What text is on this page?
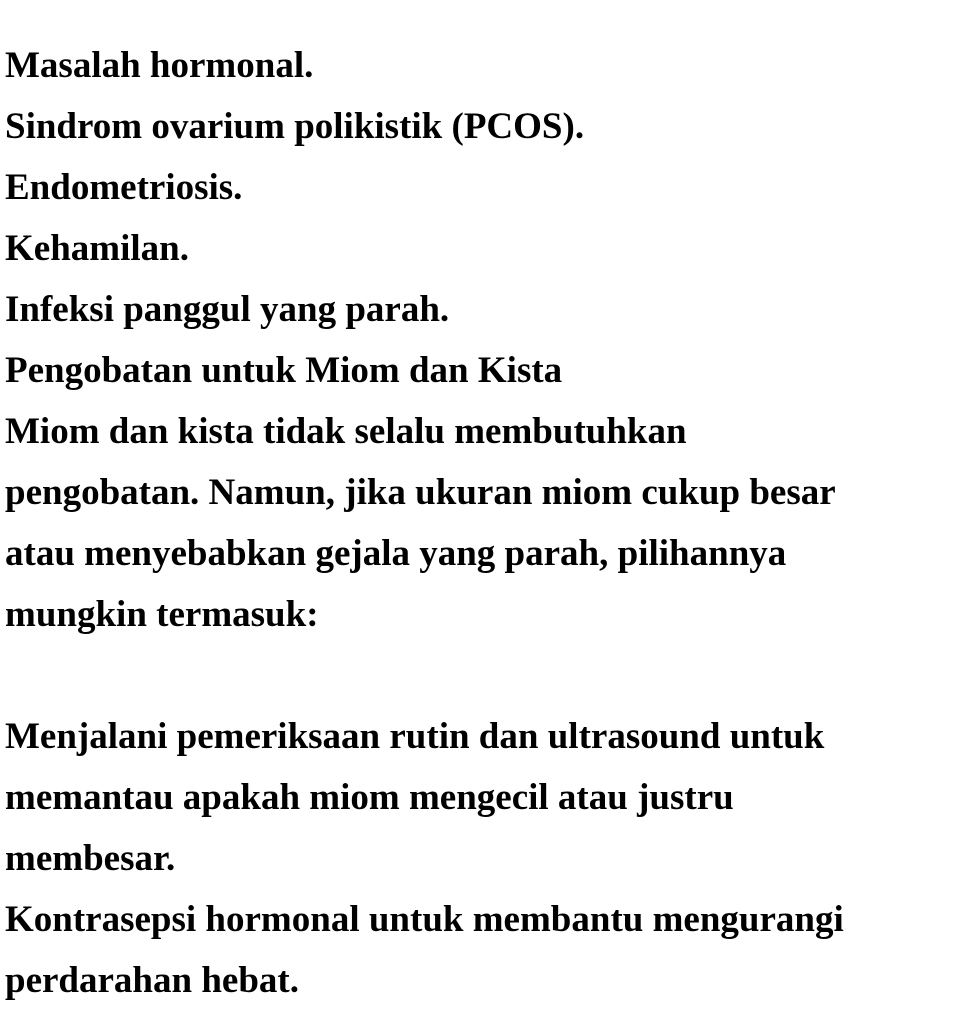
Masalah hormonal.

Sindrom ovarium polikistik (PCOS).

Endometriosis.

Kehamilan.

Infeksi panggul yang parah.

Pengobatan untuk Miom dan Kista
Miom dan kista tidak selalu membutuhkan
pengobatan. Namun, jika ukuran miom cukup besar
atau menyebabkan gejala yang parah, pilihannya
mungkin termasuk:
Menjalani pemeriksaan rutin dan ultrasound untuk
memantau apakah miom mengecil atau justru
membesar.
Kontrasepsi hormonal untuk membantu mengurangi
perdarahan hebat.
